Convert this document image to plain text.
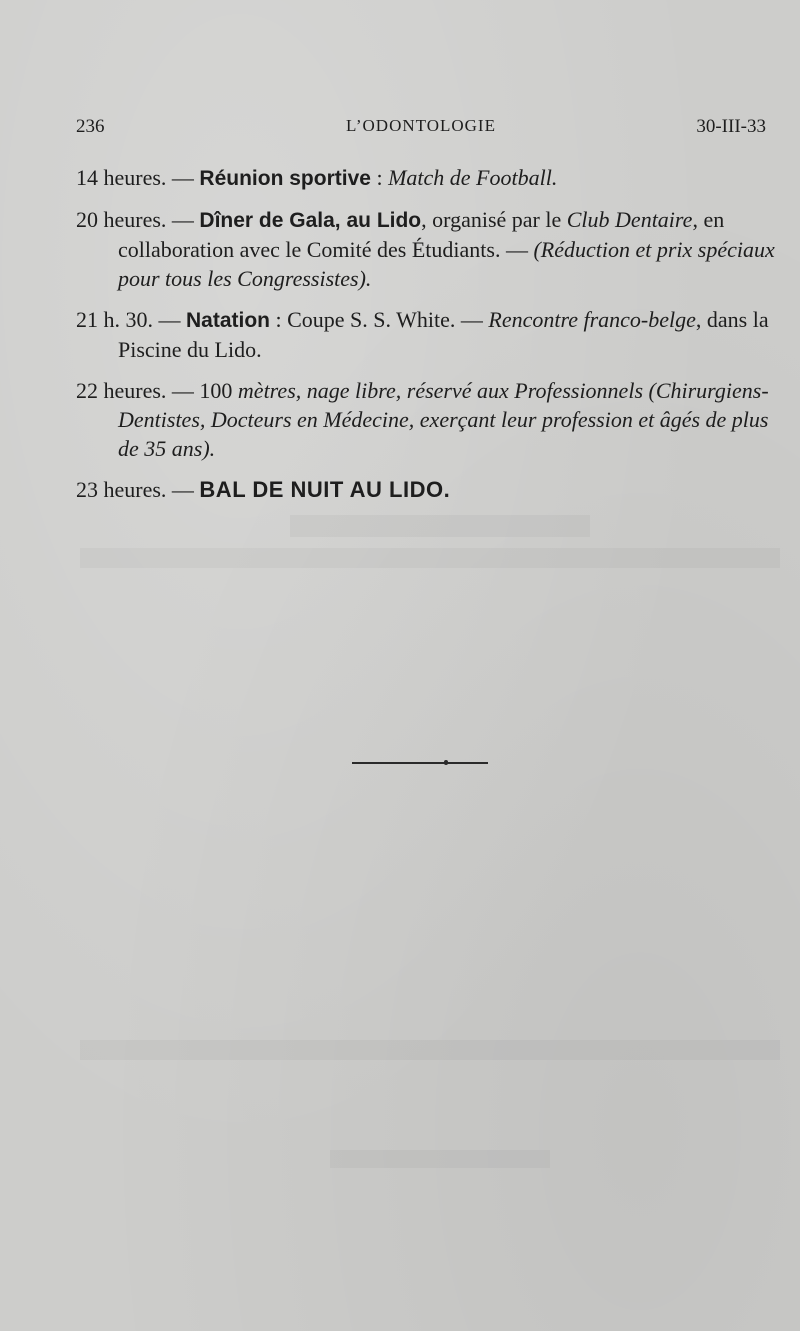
236	L’ODONTOLOGIE	30-III-33

14 heures. — Réunion sportive : Match de Football.

20 heures. — Dîner de Gala, au Lido, organisé par le Club Dentaire, en collaboration avec le Comité des Étudiants. — (Réduction et prix spéciaux pour tous les Congressistes).

21 h. 30. — Natation : Coupe S. S. White. — Rencontre franco-belge, dans la Piscine du Lido.

22 heures. — 100 mètres, nage libre, réservé aux Professionnels (Chirurgiens-Dentistes, Docteurs en Médecine, exerçant leur profession et âgés de plus de 35 ans).

23 heures. — BAL DE NUIT AU LIDO.
